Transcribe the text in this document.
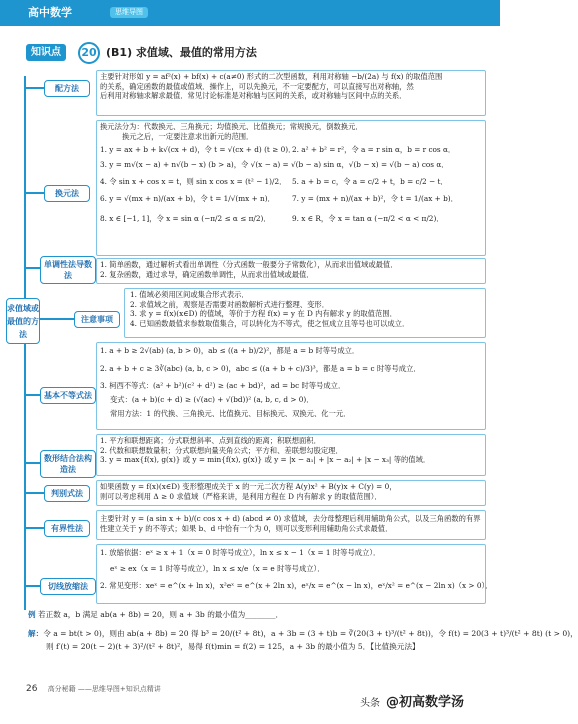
高中数学	思维导图
知识点	20 (B1) 求值域、最值的常用方法
求值域或最值的方法
配方法
主要针对形如 y = af²(x) + bf(x) + c(a≠0) 形式的二次型函数，利用对称轴 −b/(2a) 与 f(x) 的取值范围
的关系，确定函数的最值或值域．操作上，可以先换元，不一定要配方，可以直接写出对称轴，然
后利用对称轴求解求最值．常见讨论标准是对称轴与区间的关系，或对称轴与区间中点的关系．
换元法
换元法分为：代数换元、三角换元；均值换元、比值换元；常规换元，倒数换元．
换元之后，一定要注意求出新元的范围．
1. y = ax + b + k√(cx + d)，令 t = √(cx + d) (t ≥ 0)．
2. a² + b² = r²，令 a = r sin α，b = r cos α．
3. y = m√(x − a) + n√(b − x) (b > a)，令 √(x − a) = √(b − a) sin α，√(b − x) = √(b − a) cos α．
4. 令 sin x + cos x = t，则 sin x cos x = (t² − 1)/2． 5. a + b = c，令 a = c/2 + t，b = c/2 − t．
6. y = √(mx + n)/(ax + b)，令 t = 1/√(mx + n)．	7. y = (mx + n)/(ax + b)²，令 t = 1/(ax + b)．
8. x ∈ [−1, 1]，令 x = sin α (−π/2 ≤ α ≤ π/2)．	9. x ∈ R，令 x = tan α (−π/2 < α < π/2)．
单调性法导数法
1. 简单函数，通过解析式看出单调性（分式函数一般要分子常数化），从而求出值域或最值．
2. 复杂函数，通过求导，确定函数单调性，从而求出值域或最值．
注意事项
1. 值域必须用区间或集合形式表示．
2. 求值域之前，观察是否需要对函数解析式进行整理、变形．
3. 求 y = f(x)(x∈D) 的值域，等价于方程 f(x) = y 在 D 内有解求 y 的取值范围．
4. 已知函数最值求参数取值集合，可以转化为不等式，使之恒成立且等号也可以成立．
基本不等式法
1. a + b ≥ 2√(ab) (a, b > 0)，ab ≤ ((a + b)/2)²，都是 a = b 时等号成立．
2. a + b + c ≥ 3∛(abc) (a, b, c > 0)，abc ≤ ((a + b + c)/3)³，都是 a = b = c 时等号成立．
3. 柯西不等式：(a² + b²)(c² + d²) ≥ (ac + bd)²，ad = bc 时等号成立．
变式：(a + b)(c + d) ≥ (√(ac) + √(bd))² (a, b, c, d > 0)．
常用方法：1 的代换、三角换元、比值换元、目标换元、双换元、化一元．
数形结合法构造法
1. 平方和联想距离；分式联想斜率、点到直线的距离；积联想面积．
2. 代数和联想数量积；分式联想向量夹角公式；平方和、差联想勾股定理．
3. y = max{f(x), g(x)} 或 y = min{f(x), g(x)} 或 y = |x − a₁| + |x − a₂| + |x − x₃| 等的值域．
判别式法
如果函数 y = f(x)(x∈D) 变形整理成关于 x 的一元二次方程 A(y)x² + B(y)x + C(y) = 0，
则可以考虑利用 Δ ≥ 0 求值域（严格来讲，是利用方程在 D 内有解求 y 的取值范围）．
有界性法
主要针对 y = (a sin x + b)/(c cos x + d) (abcd ≠ 0) 求值域，去分母整理后利用辅助角公式，以及三角函数的有界
性建立关于 y 的不等式；如果 b、d 中恰有一个为 0，则可以变形利用辅助角公式求最值．
切线放缩法
1. 放缩依据：eˣ ≥ x + 1（x = 0 时等号成立），ln x ≤ x − 1（x = 1 时等号成立）．
eˣ ≥ ex（x = 1 时等号成立），ln x ≤ x/e（x = e 时等号成立）．
2. 常见变形：xeˣ = e^(x + ln x)，x²eˣ = e^(x + 2ln x)，eˣ/x = e^(x − ln x)，eˣ/x² = e^(x − 2ln x)（x > 0）．
例 若正数 a，b 满足 ab(a + 8b) = 20，则 a + 3b 的最小值为________．
解：令 a = bt(t > 0)，则由 ab(a + 8b) = 20 得 b³ = 20/(t² + 8t)，a + 3b = (3 + t)b = ∛(20(3 + t)³/(t² + 8t))，令 f(t) = 20(3 + t)³/(t² + 8t) (t > 0)，
则 f′(t) = 20(t − 2)(t + 3)²/(t² + 8t)²，易得 f(t)min = f(2) = 125，a + 3b 的最小值为 5．【比值换元法】
26 高分秘籍 ——思维导图+知识点精讲
头条 @初高数学汤
